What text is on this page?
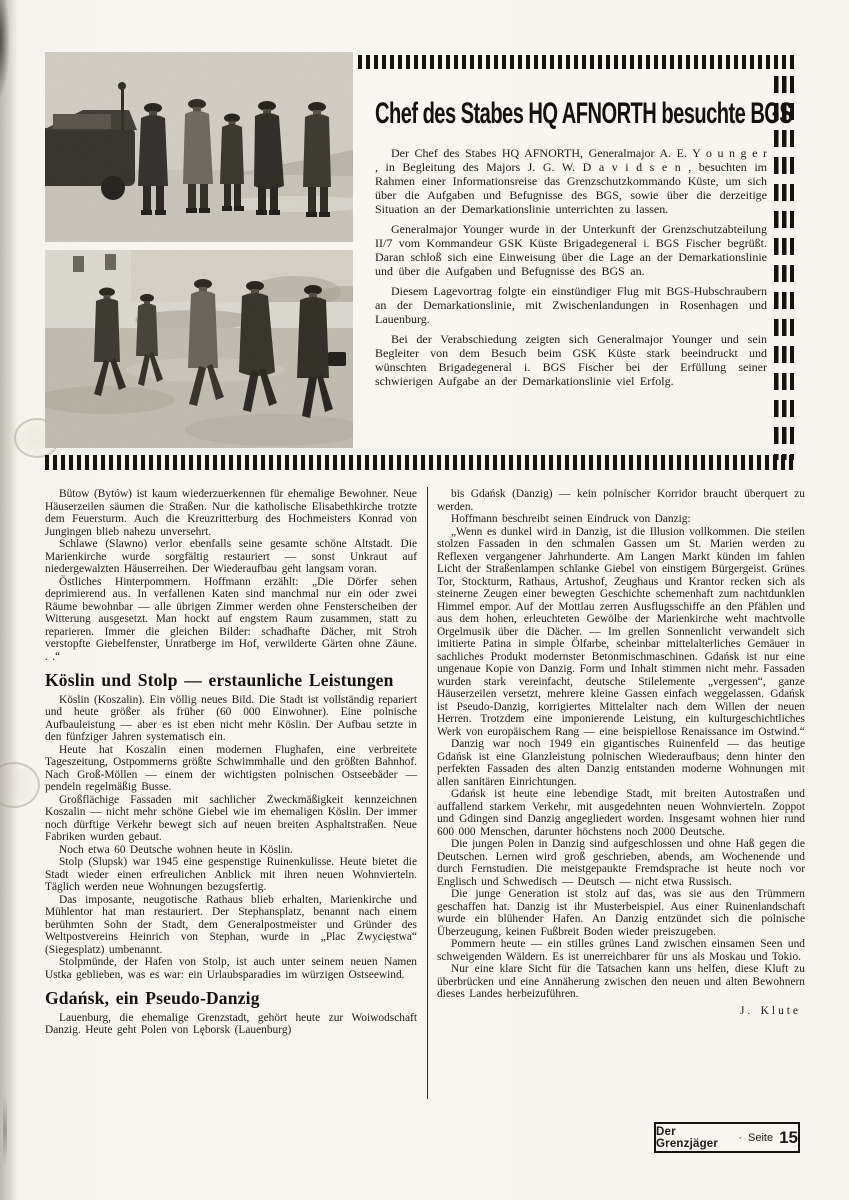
Chef des Stabes HQ AFNORTH besuchte BGS

Der Chef des Stabes HQ AFNORTH, Generalmajor A. E. Y o u n g e r , in Begleitung des Majors J. G. W. D a v i d s e n , besuchten im Rahmen einer Informationsreise das Grenzschutzkommando Küste, um sich über die Aufgaben und Befugnisse des BGS, sowie über die derzeitige Situation an der Demarkationslinie unterrichten zu lassen.

Generalmajor Younger wurde in der Unterkunft der Grenzschutzabteilung II/7 vom Kommandeur GSK Küste Brigadegeneral i. BGS Fischer begrüßt. Daran schloß sich eine Einweisung über die Lage an der Demarkationslinie und über die Aufgaben und Befugnisse des BGS an.

Diesem Lagevortrag folgte ein einstündiger Flug mit BGS-Hubschraubern an der Demarkationslinie, mit Zwischenlandungen in Rosenhagen und Lauenburg.

Bei der Verabschiedung zeigten sich Generalmajor Younger und sein Begleiter von dem Besuch beim GSK Küste stark beeindruckt und wünschten Brigadegeneral i. BGS Fischer bei der Erfüllung seiner schwierigen Aufgabe an der Demarkationslinie viel Erfolg.

Bütow (Bytów) ist kaum wiederzuerkennen für ehemalige Bewohner. Neue Häuserzeilen säumen die Straßen. Nur die katholische Elisabethkirche trotzte dem Feuersturm. Auch die Kreuzritterburg des Hochmeisters Konrad von Jungingen blieb nahezu unversehrt.

Schlawe (Slawno) verlor ebenfalls seine gesamte schöne Altstadt. Die Marienkirche wurde sorgfältig restauriert — sonst Unkraut auf niedergewalzten Häuserreihen. Der Wiederaufbau geht langsam voran.

Östliches Hinterpommern. Hoffmann erzählt: „Die Dörfer sehen deprimierend aus. In verfallenen Katen sind manchmal nur ein oder zwei Räume bewohnbar — alle übrigen Zimmer werden ohne Fensterscheiben der Witterung ausgesetzt. Man hockt auf engstem Raum zusammen, statt zu reparieren. Immer die gleichen Bilder: schadhafte Dächer, mit Stroh verstopfte Giebelfenster, Unratberge im Hof, verwilderte Gärten ohne Zäune. . .“

Köslin und Stolp — erstaunliche Leistungen

Köslin (Koszalin). Ein völlig neues Bild. Die Stadt ist vollständig repariert und heute größer als früher (60 000 Einwohner). Eine polnische Aufbauleistung — aber es ist eben nicht mehr Köslin. Der Aufbau setzte in den fünfziger Jahren systematisch ein.

Heute hat Koszalin einen modernen Flughafen, eine verbreitete Tageszeitung, Ostpommerns größte Schwimmhalle und den größten Bahnhof. Nach Groß-Möllen — einem der wichtigsten polnischen Ostseebäder — pendeln regelmäßig Busse.

Großflächige Fassaden mit sachlicher Zweckmäßigkeit kennzeichnen Koszalin — nicht mehr schöne Giebel wie im ehemaligen Köslin. Der immer noch dürftige Verkehr bewegt sich auf neuen breiten Asphaltstraßen. Neue Fabriken wurden gebaut.

Noch etwa 60 Deutsche wohnen heute in Köslin.

Stolp (Slupsk) war 1945 eine gespenstige Ruinenkulisse. Heute bietet die Stadt wieder einen erfreulichen Anblick mit ihren neuen Wohnvierteln. Täglich werden neue Wohnungen bezugsfertig.

Das imposante, neugotische Rathaus blieb erhalten, Marienkirche und Mühlentor hat man restauriert. Der Stephansplatz, benannt nach einem berühmten Sohn der Stadt, dem Generalpostmeister und Gründer des Weltpostvereins Heinrich von Stephan, wurde in „Plac Zwycięstwa“ (Siegesplatz) umbenannt.

Stolpmünde, der Hafen von Stolp, ist auch unter seinem neuen Namen Ustka geblieben, was es war: ein Urlaubsparadies im würzigen Ostseewind.

Gdańsk, ein Pseudo-Danzig

Lauenburg, die ehemalige Grenzstadt, gehört heute zur Woiwodschaft Danzig. Heute geht Polen von Lęborsk (Lauenburg)

bis Gdańsk (Danzig) — kein polnischer Korridor braucht überquert zu werden.

Hoffmann beschreibt seinen Eindruck von Danzig:

„Wenn es dunkel wird in Danzig, ist die Illusion vollkommen. Die steilen stolzen Fassaden in den schmalen Gassen um St. Marien werden zu Reflexen vergangener Jahrhunderte. Am Langen Markt künden im fahlen Licht der Straßenlampen schlanke Giebel von einstigem Bürgergeist. Grünes Tor, Stockturm, Rathaus, Artushof, Zeughaus und Krantor recken sich als steinerne Zeugen einer bewegten Geschichte schemenhaft zum nachtdunklen Himmel empor. Auf der Mottlau zerren Ausflugsschiffe an den Pfählen und aus dem hohen, erleuchteten Gewölbe der Marienkirche weht machtvolle Orgelmusik über die Dächer. — Im grellen Sonnenlicht verwandelt sich imitierte Patina in simple Ölfarbe, scheinbar mittelalterliches Gemäuer in sachliches Produkt modernster Betonmischmaschinen. Gdańsk ist nur eine ungenaue Kopie von Danzig. Form und Inhalt stimmen nicht mehr. Fassaden wurden stark vereinfacht, deutsche Stilelemente „vergessen“, ganze Häuserzeilen versetzt, mehrere kleine Gassen einfach weggelassen. Gdańsk ist Pseudo-Danzig, korrigiertes Mittelalter nach dem Willen der neuen Herren. Trotzdem eine imponierende Leistung, ein kulturgeschichtliches Werk von europäischem Rang — eine beispiellose Renaissance im Ostwind.“

Danzig war noch 1949 ein gigantisches Ruinenfeld — das heutige Gdańsk ist eine Glanzleistung polnischen Wiederaufbaus; denn hinter den perfekten Fassaden des alten Danzig entstanden moderne Wohnungen mit allen sanitären Einrichtungen.

Gdańsk ist heute eine lebendige Stadt, mit breiten Autostraßen und auffallend starkem Verkehr, mit ausgedehnten neuen Wohnvierteln. Zoppot und Gdingen sind Danzig angegliedert worden. Insgesamt wohnen hier rund 600 000 Menschen, darunter höchstens noch 2000 Deutsche.

Die jungen Polen in Danzig sind aufgeschlossen und ohne Haß gegen die Deutschen. Lernen wird groß geschrieben, abends, am Wochenende und durch Fernstudien. Die meistgepaukte Fremdsprache ist heute noch vor Englisch und Schwedisch — Deutsch — nicht etwa Russisch.

Die junge Generation ist stolz auf das, was sie aus den Trümmern geschaffen hat. Danzig ist ihr Musterbeispiel. Aus einer Ruinenlandschaft wurde ein blühender Hafen. An Danzig entzündet sich die polnische Überzeugung, keinen Fußbreit Boden wieder preiszugeben.

Pommern heute — ein stilles grünes Land zwischen einsamen Seen und schweigenden Wäldern. Es ist unerreichbarer für uns als Moskau und Tokio.

Nur eine klare Sicht für die Tatsachen kann uns helfen, diese Kluft zu überbrücken und eine Annäherung zwischen den neuen und alten Bewohnern dieses Landes herbeizuführen.

J. Klute

Der Grenzjäger	· Seite 15
